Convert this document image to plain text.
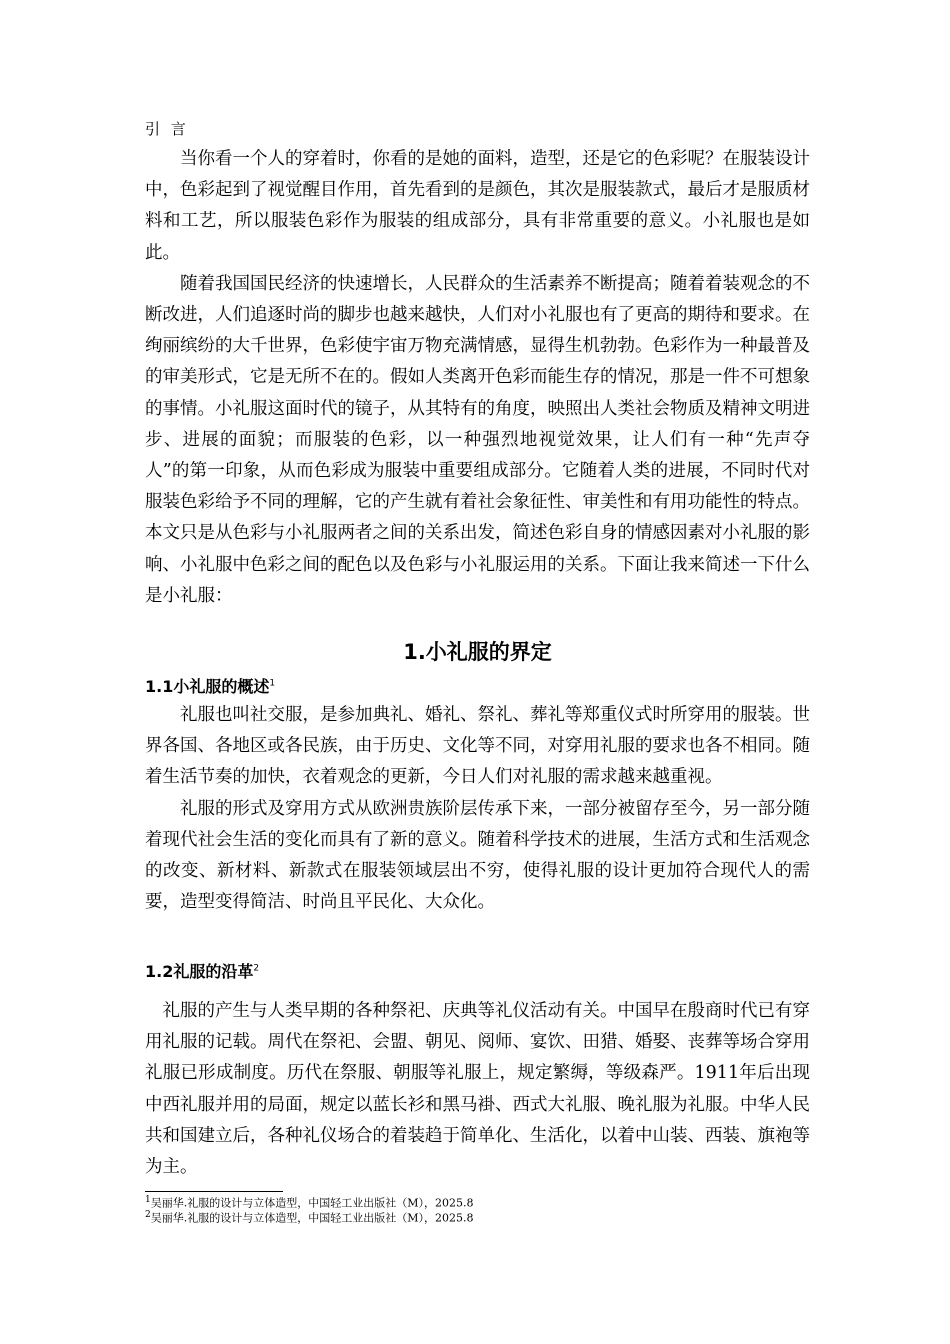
引 言

当你看一个人的穿着时，你看的是她的面料，造型，还是它的色彩呢？在服装设计中，色彩起到了视觉醒目作用，首先看到的是颜色，其次是服装款式，最后才是服质材料和工艺，所以服装色彩作为服装的组成部分，具有非常重要的意义。小礼服也是如此。

随着我国国民经济的快速增长，人民群众的生活素养不断提高；随着着装观念的不断改进，人们追逐时尚的脚步也越来越快，人们对小礼服也有了更高的期待和要求。在绚丽缤纷的大千世界，色彩使宇宙万物充满情感，显得生机勃勃。色彩作为一种最普及的审美形式，它是无所不在的。假如人类离开色彩而能生存的情况，那是一件不可想象的事情。小礼服这面时代的镜子，从其特有的角度，映照出人类社会物质及精神文明进步、进展的面貌；而服装的色彩，以一种强烈地视觉效果，让人们有一种“先声夺人”的第一印象，从而色彩成为服装中重要组成部分。它随着人类的进展，不同时代对服装色彩给予不同的理解，它的产生就有着社会象征性、审美性和有用功能性的特点。本文只是从色彩与小礼服两者之间的关系出发，简述色彩自身的情感因素对小礼服的影响、小礼服中色彩之间的配色以及色彩与小礼服运用的关系。下面让我来简述一下什么是小礼服：

1.小礼服的界定
1.1小礼服的概述$^1$

礼服也叫社交服，是参加典礼、婚礼、祭礼、葬礼等郑重仪式时所穿用的服装。世界各国、各地区或各民族，由于历史、文化等不同，对穿用礼服的要求也各不相同。随着生活节奏的加快，衣着观念的更新，今日人们对礼服的需求越来越重视。

礼服的形式及穿用方式从欧洲贵族阶层传承下来，一部分被留存至今，另一部分随着现代社会生活的变化而具有了新的意义。随着科学技术的进展，生活方式和生活观念的改变、新材料、新款式在服装领域层出不穷，使得礼服的设计更加符合现代人的需要，造型变得简洁、时尚且平民化、大众化。

1.2礼服的沿革$^2$

礼服的产生与人类早期的各种祭祀、庆典等礼仪活动有关。中国早在殷商时代已有穿用礼服的记载。周代在祭祀、会盟、朝见、阅师、宴饮、田猎、婚娶、丧葬等场合穿用礼服已形成制度。历代在祭服、朝服等礼服上，规定繁缛，等级森严。1911年后出现中西礼服并用的局面，规定以蓝长衫和黑马褂、西式大礼服、晚礼服为礼服。中华人民共和国建立后，各种礼仪场合的着装趋于简单化、生活化，以着中山装、西装、旗袍等为主。

$^1$吴丽华.礼服的设计与立体造型，中国轻工业出版社（M），2025.8

$^2$吴丽华.礼服的设计与立体造型，中国轻工业出版社（M），2025.8
